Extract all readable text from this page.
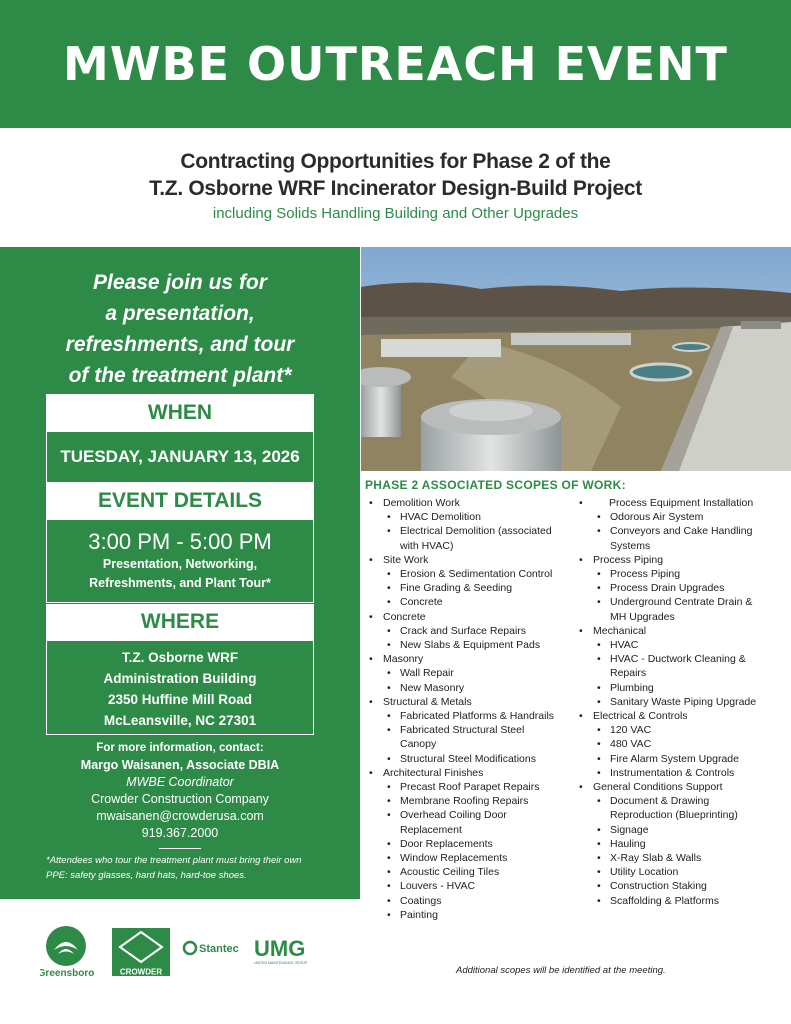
MWBE OUTREACH EVENT
Contracting Opportunities for Phase 2 of the
T.Z. Osborne WRF Incinerator Design-Build Project
including Solids Handling Building and Other Upgrades
Please join us for
a presentation,
refreshments, and tour
of the treatment plant*
WHEN
TUESDAY, JANUARY 13, 2026
EVENT DETAILS
3:00 PM - 5:00 PM
Presentation, Networking,
Refreshments, and Plant Tour*
WHERE
T.Z. Osborne WRF
Administration Building
2350 Huffine Mill Road
McLeansville, NC 27301
For more information, contact:
Margo Waisanen, Associate DBIA
MWBE Coordinator
Crowder Construction Company
mwaisanen@crowderusa.com
919.367.2000
*Attendees who tour the treatment plant must bring their own
PPE: safety glasses, hard hats, hard-toe shoes.
PHASE 2 ASSOCIATED SCOPES OF WORK:
• Demolition Work
• HVAC Demolition
• Electrical Demolition (associated
with HVAC)
• Site Work
• Erosion & Sedimentation Control
• Fine Grading & Seeding
• Concrete
• Concrete
• Crack and Surface Repairs
• New Slabs & Equipment Pads
• Masonry
• Wall Repair
• New Masonry
• Structural & Metals
• Fabricated Platforms & Handrails
• Fabricated Structural Steel
Canopy
• Structural Steel Modifications
• Architectural Finishes
• Precast Roof Parapet Repairs
• Membrane Roofing Repairs
• Overhead Coiling Door
Replacement
• Door Replacements
• Window Replacements
• Acoustic Ceiling Tiles
• Louvers - HVAC
• Coatings
• Painting
• Process Equipment Installation
• Odorous Air System
• Conveyors and Cake Handling
Systems
• Process Piping
• Process Piping
• Process Drain Upgrades
• Underground Centrate Drain &
MH Upgrades
• Mechanical
• HVAC
• HVAC - Ductwork Cleaning &
Repairs
• Plumbing
• Sanitary Waste Piping Upgrade
• Electrical & Controls
• 120 VAC
• 480 VAC
• Fire Alarm System Upgrade
• Instrumentation & Controls
• General Conditions Support
• Document & Drawing
Reproduction (Blueprinting)
• Signage
• Hauling
• X-Ray Slab & Walls
• Utility Location
• Construction Staking
• Scaffolding & Platforms
Greensboro	CROWDER
Stantec UMG
UNITED MAINTENANCE GROUP
Additional scopes will be identified at the meeting.
